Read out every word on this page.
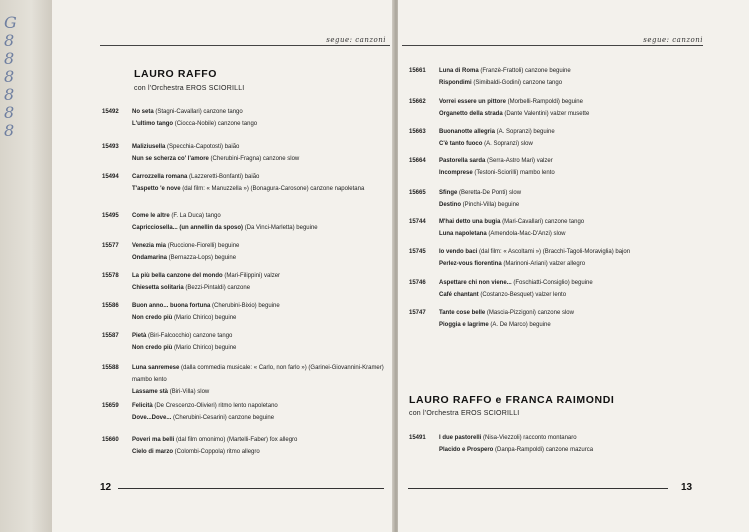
G
8
8
8
8
8
8
segue: canzoni
LAURO RAFFO
con l'Orchestra EROS SCIORILLI
15492 No seta (Stagni-Cavallari) canzone tango
L'ultimo tango (Ciocca-Nobile) canzone tango
15493 Maliziusella (Specchia-Capotosti) baião
Nun se scherza co' l'amore (Cherubini-Fragna) canzone slow
15494 Carrozzella romana (Lazzeretti-Bonfanti) baião
T'aspetto 'e nove (dal film: « Manuzzella ») (Bonagura-Carosone) canzone napoletana
15495 Come le altre (F. La Duca) tango
Capricciosella... (un annellin da sposo) (Da Vinci-Marletta) beguine
15577 Venezia mia (Ruccione-Fiorelli) beguine
Ondamarina (Bernazza-Lops) beguine
15578 La più bella canzone del mondo (Mari-Filippini) valzer
Chiesetta solitaria (Bezzi-Pintaldi) canzone
15586 Buon anno... buona fortuna (Cherubini-Bixio) beguine
Non credo più (Mario Chirico) beguine
15587 Pietà (Biri-Falcocchio) canzone tango
Non credo più (Mario Chirico) beguine
15588 Luna sanremese (dalla commedia musicale: « Carlo, non farlo ») (Garinei-Giovannini-Kramer) mambo lento
Lassame stà (Biri-Villa) slow
15659 Felicità (De Crescenzo-Olivieri) ritmo lento napoletano
Dove...Dove... (Cherubini-Cesarini) canzone beguine
15660 Poveri ma belli (dal film omonimo) (Martelli-Faber) fox allegro
Cielo di marzo (Colombi-Coppola) ritmo allegro
12
segue: canzoni
15661 Luna di Roma (Franzè-Frattoli) canzone beguine
Rispondimi (Simibaldi-Godini) canzone tango
15662 Vorrei essere un pittore (Morbelli-Rampoldi) beguine
Organetto della strada (Dante Valentini) valzer musette
15663 Buonanotte allegria (A. Sopranzi) beguine
C'è tanto fuoco (A. Sopranzi) slow
15664 Pastorella sarda (Serra-Astro Mari) valzer
Incomprese (Testoni-Sciorilli) mambo lento
15665 Sfinge (Beretta-De Ponti) slow
Destino (Pinchi-Villa) beguine
15744 M'hai detto una bugia (Mari-Cavallari) canzone tango
Luna napoletana (Amendola-Mac-D'Anzi) slow
15745 Io vendo baci (dal film: « Ascoltami ») (Bracchi-Tagoli-Moraviglia) bajon
Perlez-vous fiorentina (Marinoni-Ariani) valzer allegro
15746 Aspettare chi non viene... (Foschiatti-Consiglio) beguine
Café chantant (Costanzo-Besquet) valzer lento
15747 Tante cose belle (Mascia-Pizzigoni) canzone slow
Pioggia e lagrime (A. De Marco) beguine
LAURO RAFFO e FRANCA RAIMONDI
con l'Orchestra EROS SCIORILLI
15491 I due pastorelli (Nisa-Viezzoli) racconto montanaro
Placido e Prospero (Danpa-Rampoldi) canzone mazurca
13
